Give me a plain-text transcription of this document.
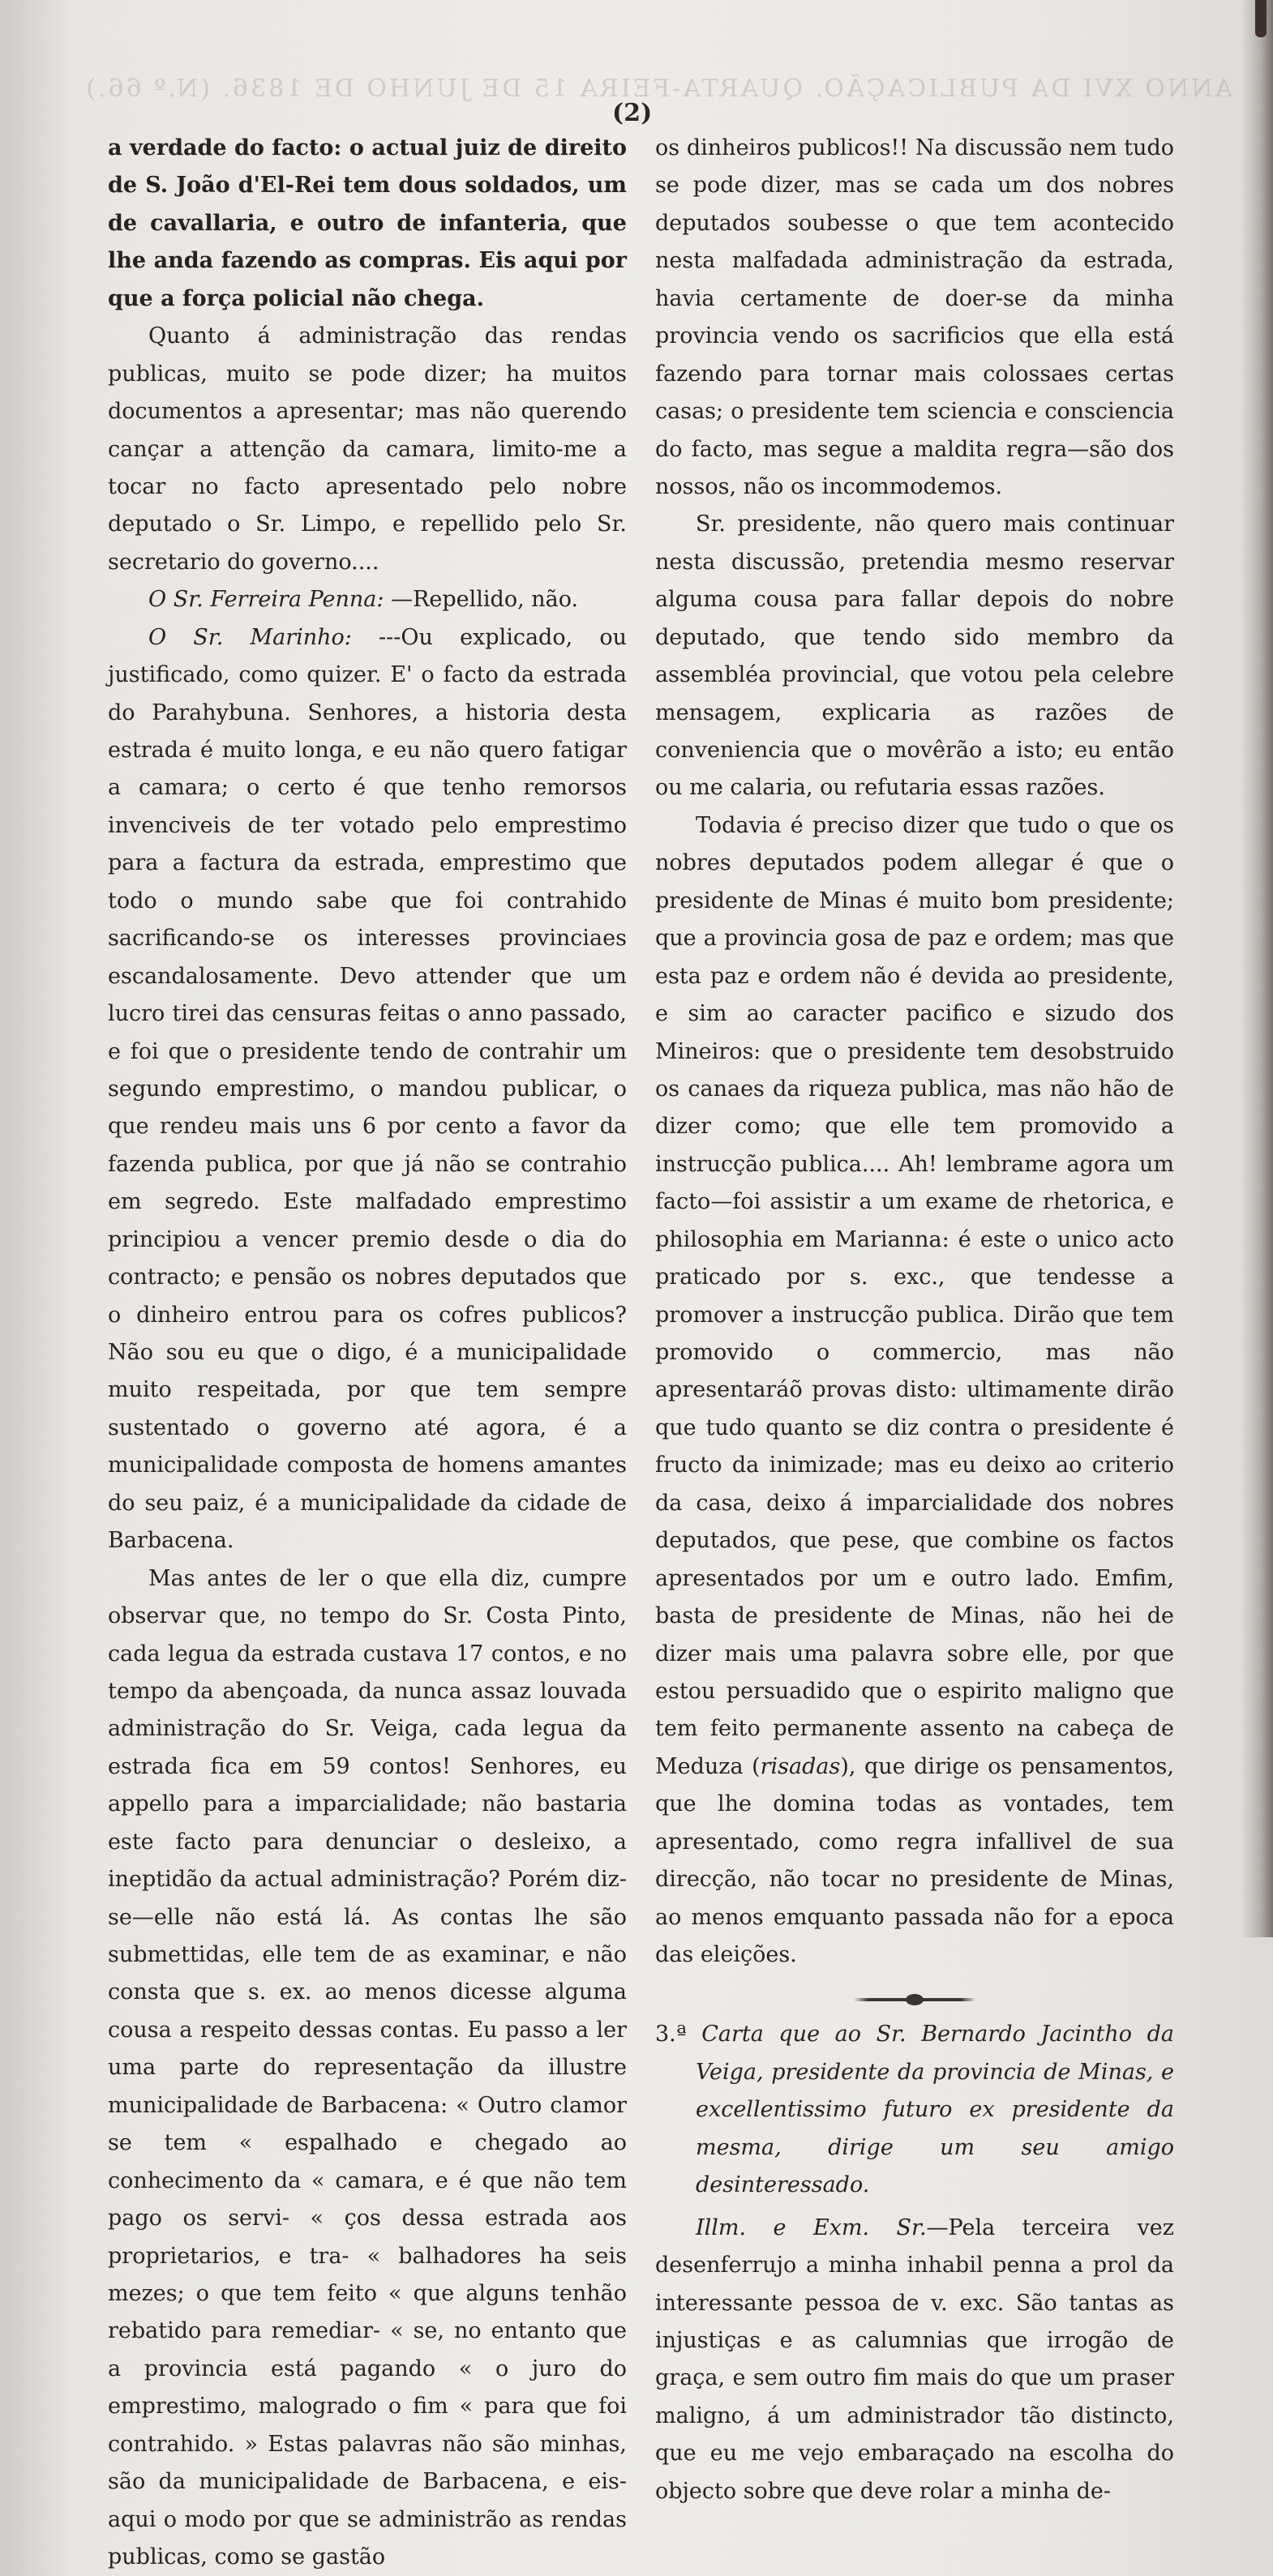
ANNO XVI DA PUBLICAÇÃO. QUARTA-FEIRA 15 DE JUNHO DE 1836. (N.º 66.)
(2)

a verdade do facto: o actual juiz de direito de S. João d'El-Rei tem dous soldados, um de cavallaria, e outro de infanteria, que lhe anda fazendo as compras. Eis aqui por que a força policial não chega.

Quanto á administração das rendas publicas, muito se pode dizer; ha muitos documentos a apresentar; mas não querendo cançar a attenção da camara, limito-me a tocar no facto apresentado pelo nobre deputado o Sr. Limpo, e repellido pelo Sr. secretario do governo....

O Sr. Ferreira Penna: —Repellido, não.

O Sr. Marinho: ---Ou explicado, ou justificado, como quizer. E' o facto da estrada do Parahybuna. Senhores, a historia desta estrada é muito longa, e eu não quero fatigar a camara; o certo é que tenho remorsos invenciveis de ter votado pelo emprestimo para a factura da estrada, emprestimo que todo o mundo sabe que foi contrahido sacrificando-se os interesses provinciaes escandalosamente. Devo attender que um lucro tirei das censuras feitas o anno passado, e foi que o presidente tendo de contrahir um segundo emprestimo, o mandou publicar, o que rendeu mais uns 6 por cento a favor da fazenda publica, por que já não se contrahio em segredo. Este malfadado emprestimo principiou a vencer premio desde o dia do contracto; e pensão os nobres deputados que o dinheiro entrou para os cofres publicos? Não sou eu que o digo, é a municipalidade muito respeitada, por que tem sempre sustentado o governo até agora, é a municipalidade composta de homens amantes do seu paiz, é a municipalidade da cidade de Barbacena.

Mas antes de ler o que ella diz, cumpre observar que, no tempo do Sr. Costa Pinto, cada legua da estrada custava 17 contos, e no tempo da abençoada, da nunca assaz louvada administração do Sr. Veiga, cada legua da estrada fica em 59 contos! Senhores, eu appello para a imparcialidade; não bastaria este facto para denunciar o desleixo, a ineptidão da actual administração? Porém diz-se—elle não está lá. As contas lhe são submettidas, elle tem de as examinar, e não consta que s. ex. ao menos dicesse alguma cousa a respeito dessas contas. Eu passo a ler uma parte do representação da illustre municipalidade de Barbacena: « Outro clamor se tem « espalhado e chegado ao conhecimento da « camara, e é que não tem pago os servi- « ços dessa estrada aos proprietarios, e tra- « balhadores ha seis mezes; o que tem feito « que alguns tenhão rebatido para remediar- « se, no entanto que a provincia está pagando « o juro do emprestimo, malogrado o fim « para que foi contrahido. » Estas palavras não são minhas, são da municipalidade de Barbacena, e eis-aqui o modo por que se administrão as rendas publicas, como se gastão

os dinheiros publicos!! Na discussão nem tudo se pode dizer, mas se cada um dos nobres deputados soubesse o que tem acontecido nesta malfadada administração da estrada, havia certamente de doer-se da minha provincia vendo os sacrificios que ella está fazendo para tornar mais colossaes certas casas; o presidente tem sciencia e consciencia do facto, mas segue a maldita regra—são dos nossos, não os incommodemos.

Sr. presidente, não quero mais continuar nesta discussão, pretendia mesmo reservar alguma cousa para fallar depois do nobre deputado, que tendo sido membro da assembléa provincial, que votou pela celebre mensagem, explicaria as razões de conveniencia que o movêrão a isto; eu então ou me calaria, ou refutaria essas razões.

Todavia é preciso dizer que tudo o que os nobres deputados podem allegar é que o presidente de Minas é muito bom presidente; que a provincia gosa de paz e ordem; mas que esta paz e ordem não é devida ao presidente, e sim ao caracter pacifico e sizudo dos Mineiros: que o presidente tem desobstruido os canaes da riqueza publica, mas não hão de dizer como; que elle tem promovido a instrucção publica.... Ah! lembrame agora um facto—foi assistir a um exame de rhetorica, e philosophia em Marianna: é este o unico acto praticado por s. exc., que tendesse a promover a instrucção publica. Dirão que tem promovido o commercio, mas não apresentaráõ provas disto: ultimamente dirão que tudo quanto se diz contra o presidente é fructo da inimizade; mas eu deixo ao criterio da casa, deixo á imparcialidade dos nobres deputados, que pese, que combine os factos apresentados por um e outro lado. Emfim, basta de presidente de Minas, não hei de dizer mais uma palavra sobre elle, por que estou persuadido que o espirito maligno que tem feito permanente assento na cabeça de Meduza (risadas), que dirige os pensamentos, que lhe domina todas as vontades, tem apresentado, como regra infallivel de sua direcção, não tocar no presidente de Minas, ao menos emquanto passada não for a epoca das eleições.

3.ª Carta que ao Sr. Bernardo Jacintho da Veiga, presidente da provincia de Minas, e excellentissimo futuro ex presidente da mesma, dirige um seu amigo desinteressado.

Illm. e Exm. Sr.—Pela terceira vez desenferrujo a minha inhabil penna a prol da interessante pessoa de v. exc. São tantas as injustiças e as calumnias que irrogão de graça, e sem outro fim mais do que um praser maligno, á um administrador tão distincto, que eu me vejo embaraçado na escolha do objecto sobre que deve rolar a minha de-
